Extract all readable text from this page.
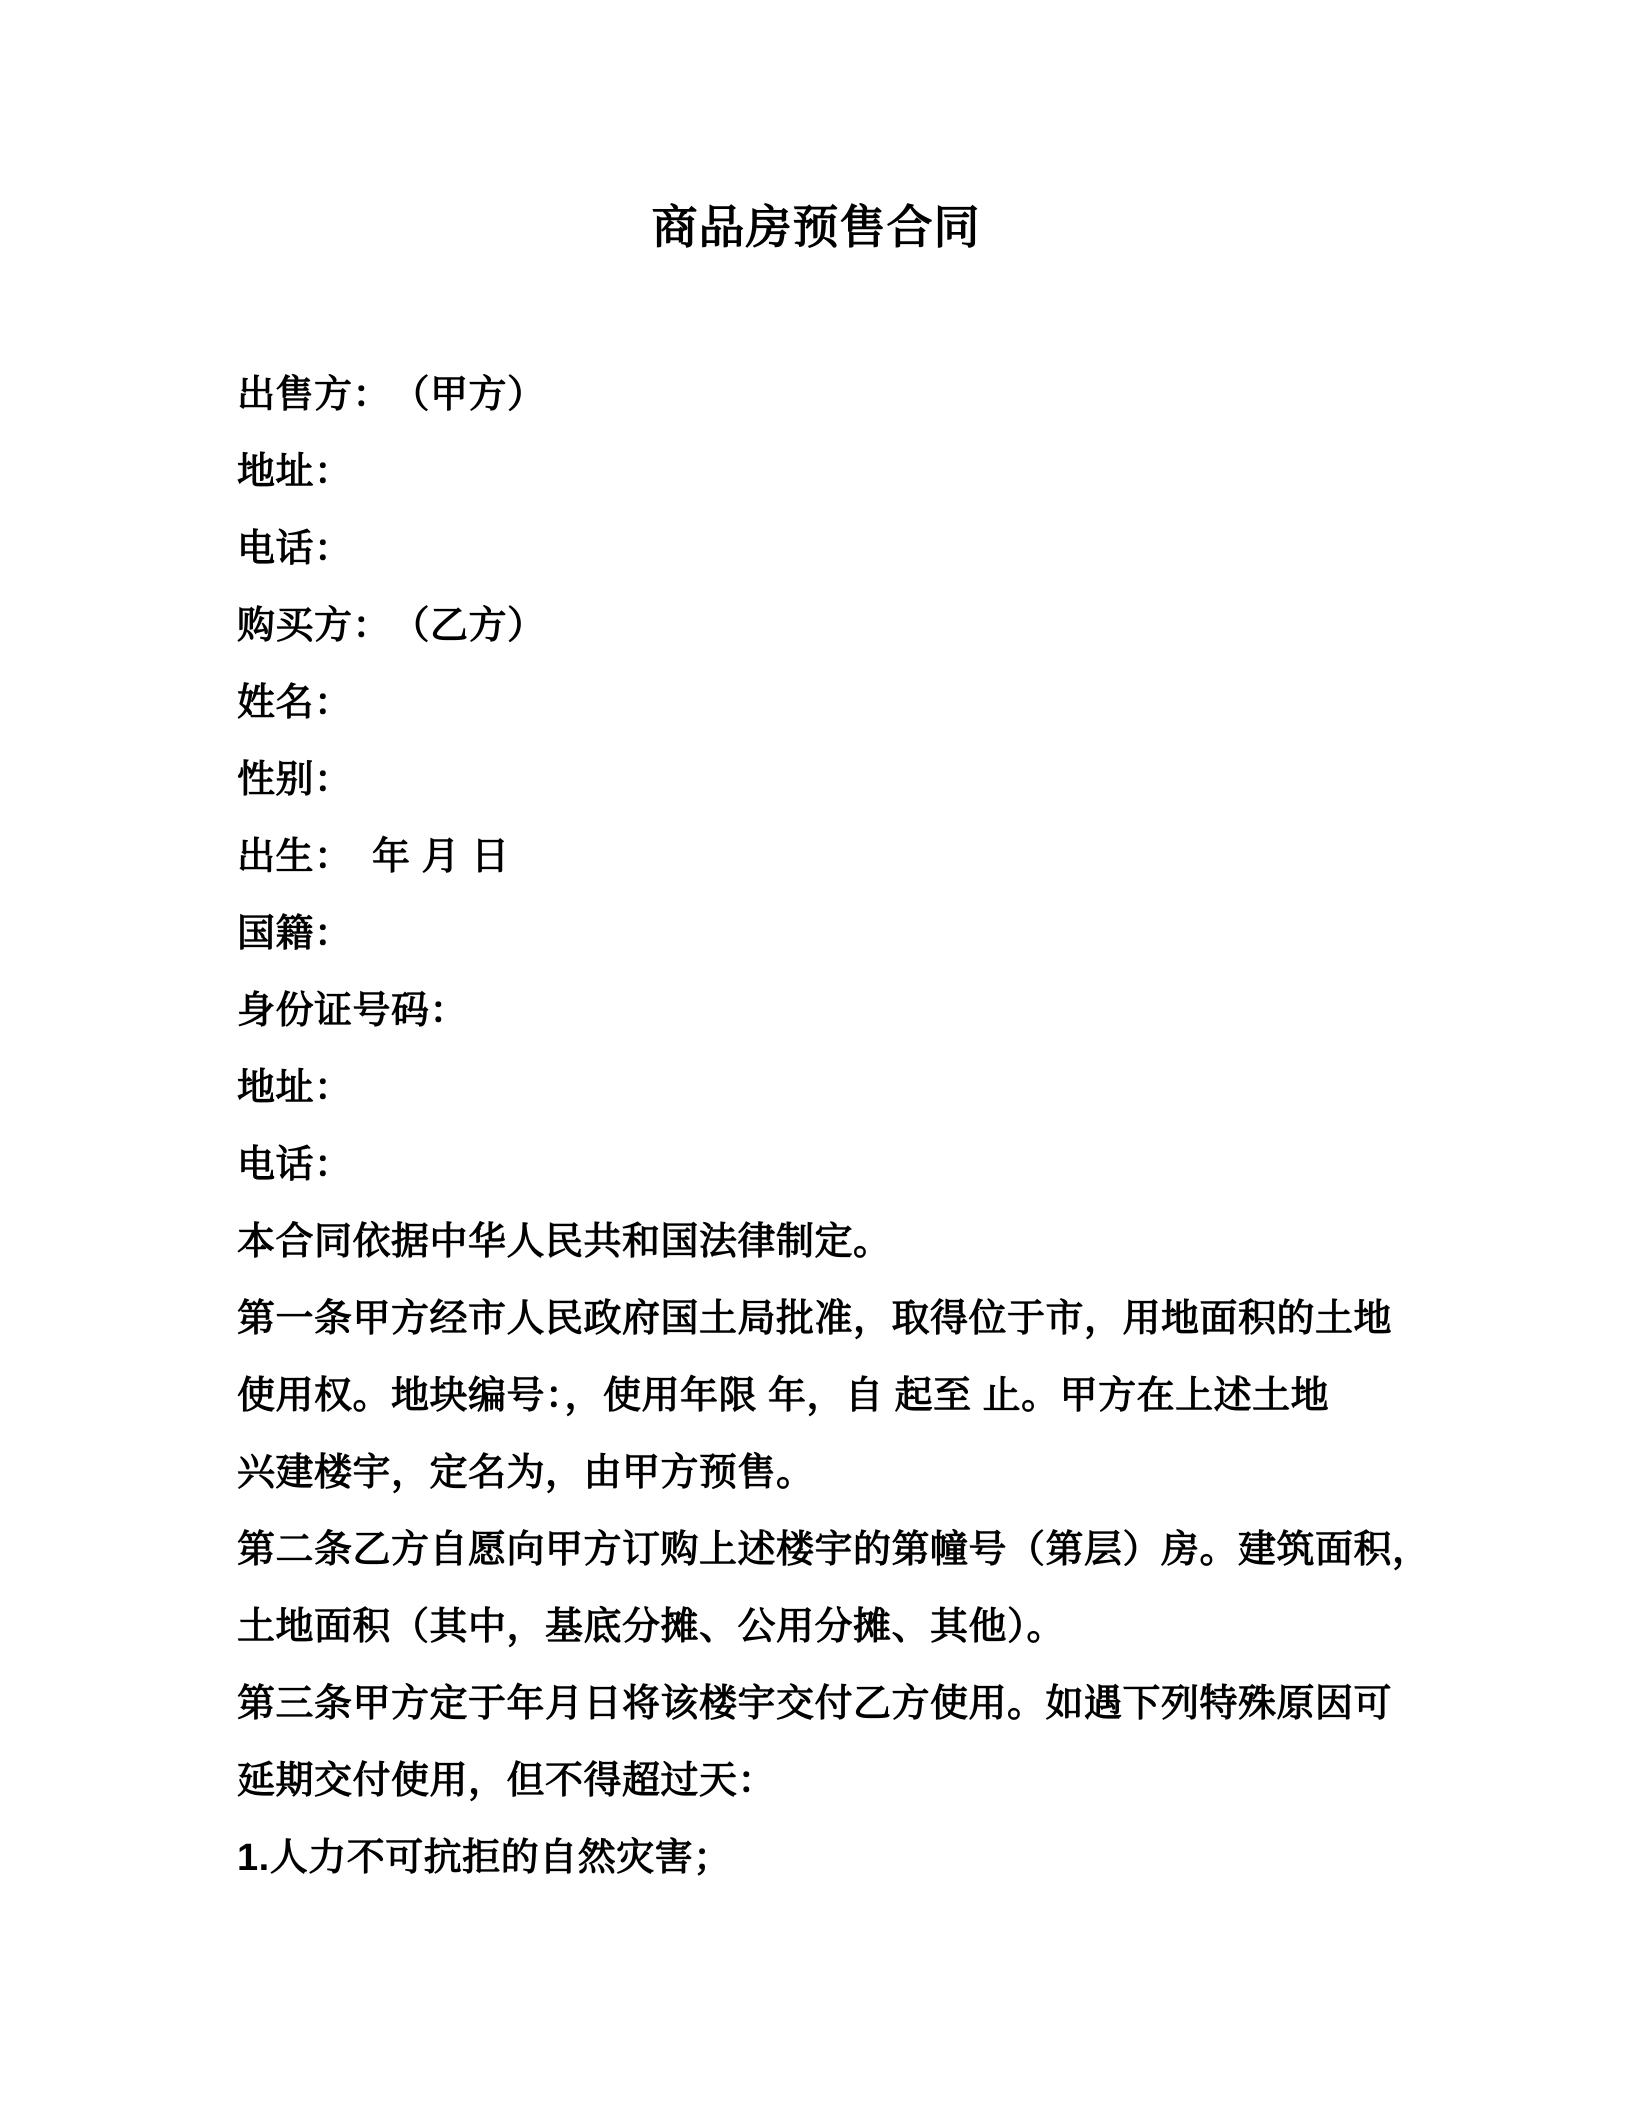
商品房预售合同
出售方：　（甲方）
地址：
电话：
购买方：　（乙方）
姓名：
性别：
出生：　年 月 日
国籍：
身份证号码：
地址：
电话：
本合同依据中华人民共和国法律制定。
第一条甲方经市人民政府国土局批准，取得位于市，用地面积的土地
使用权。地块编号：，使用年限 年，自 起至 止。甲方在上述土地
兴建楼宇，定名为，由甲方预售。
第二条乙方自愿向甲方订购上述楼宇的第幢号（第层）房。建筑面积，
土地面积（其中，基底分摊、公用分摊、其他）。
第三条甲方定于年月日将该楼宇交付乙方使用。如遇下列特殊原因可
延期交付使用，但不得超过天：
1.人力不可抗拒的自然灾害；
